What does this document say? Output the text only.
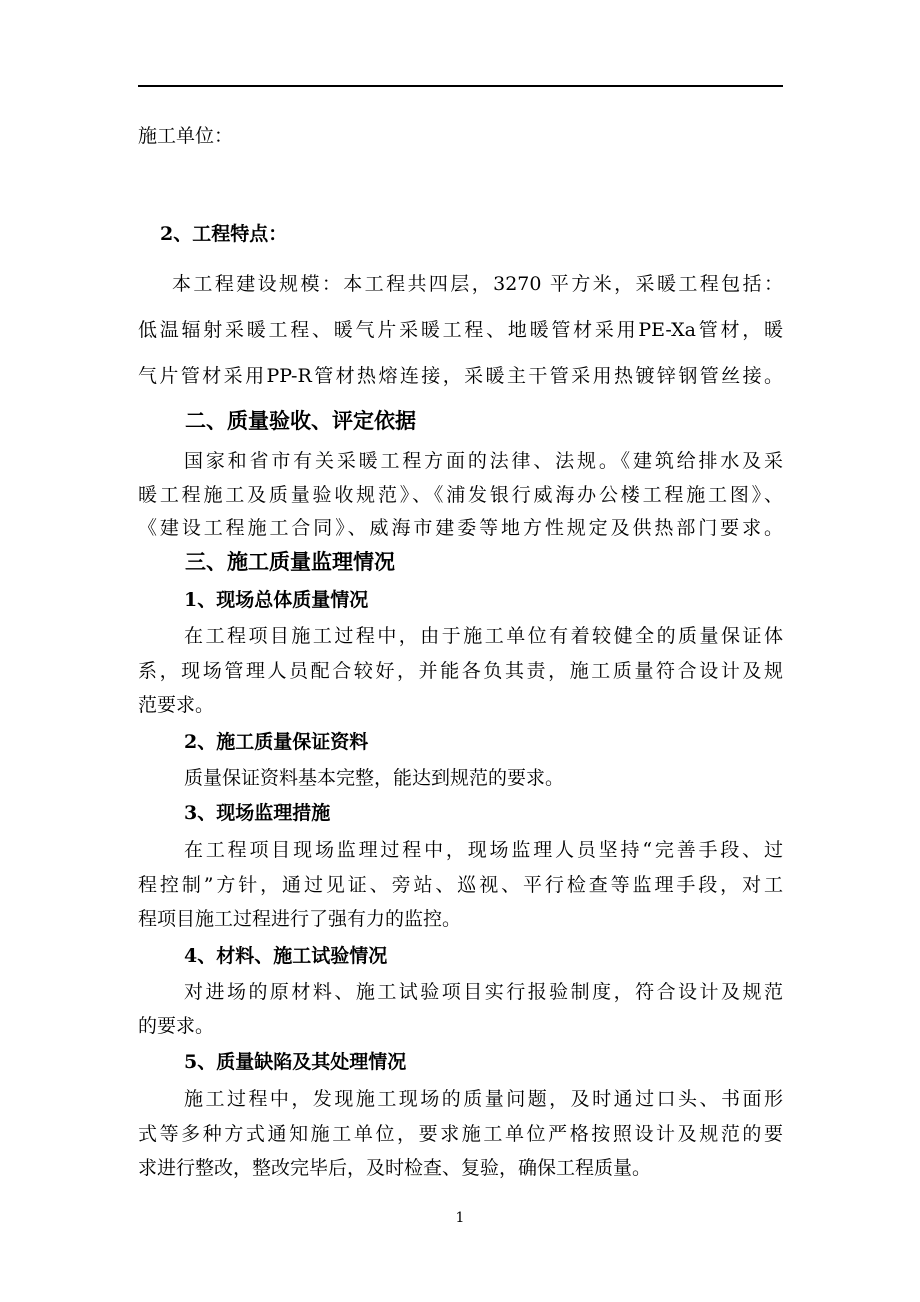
施工单位：
2、工程特点：
本工程建设规模：本工程共四层，3270 平方米，采暖工程包括：
低温辐射采暖工程、暖气片采暖工程、地暖管材采用PE-Xa管材，暖
气片管材采用PP-R管材热熔连接，采暖主干管采用热镀锌钢管丝接。
二、质量验收、评定依据
国家和省市有关采暖工程方面的法律、法规。《建筑给排水及采
暖工程施工及质量验收规范》、《浦发银行威海办公楼工程施工图》、
《建设工程施工合同》、威海市建委等地方性规定及供热部门要求。
三、施工质量监理情况
1、现场总体质量情况
在工程项目施工过程中，由于施工单位有着较健全的质量保证体
系，现场管理人员配合较好，并能各负其责，施工质量符合设计及规
范要求。
2、施工质量保证资料
质量保证资料基本完整，能达到规范的要求。
3、现场监理措施
在工程项目现场监理过程中，现场监理人员坚持“完善手段、过
程控制”方针，通过见证、旁站、巡视、平行检查等监理手段，对工
程项目施工过程进行了强有力的监控。
4、材料、施工试验情况
对进场的原材料、施工试验项目实行报验制度，符合设计及规范
的要求。
5、质量缺陷及其处理情况
施工过程中，发现施工现场的质量问题，及时通过口头、书面形
式等多种方式通知施工单位，要求施工单位严格按照设计及规范的要
求进行整改，整改完毕后，及时检查、复验，确保工程质量。
1
